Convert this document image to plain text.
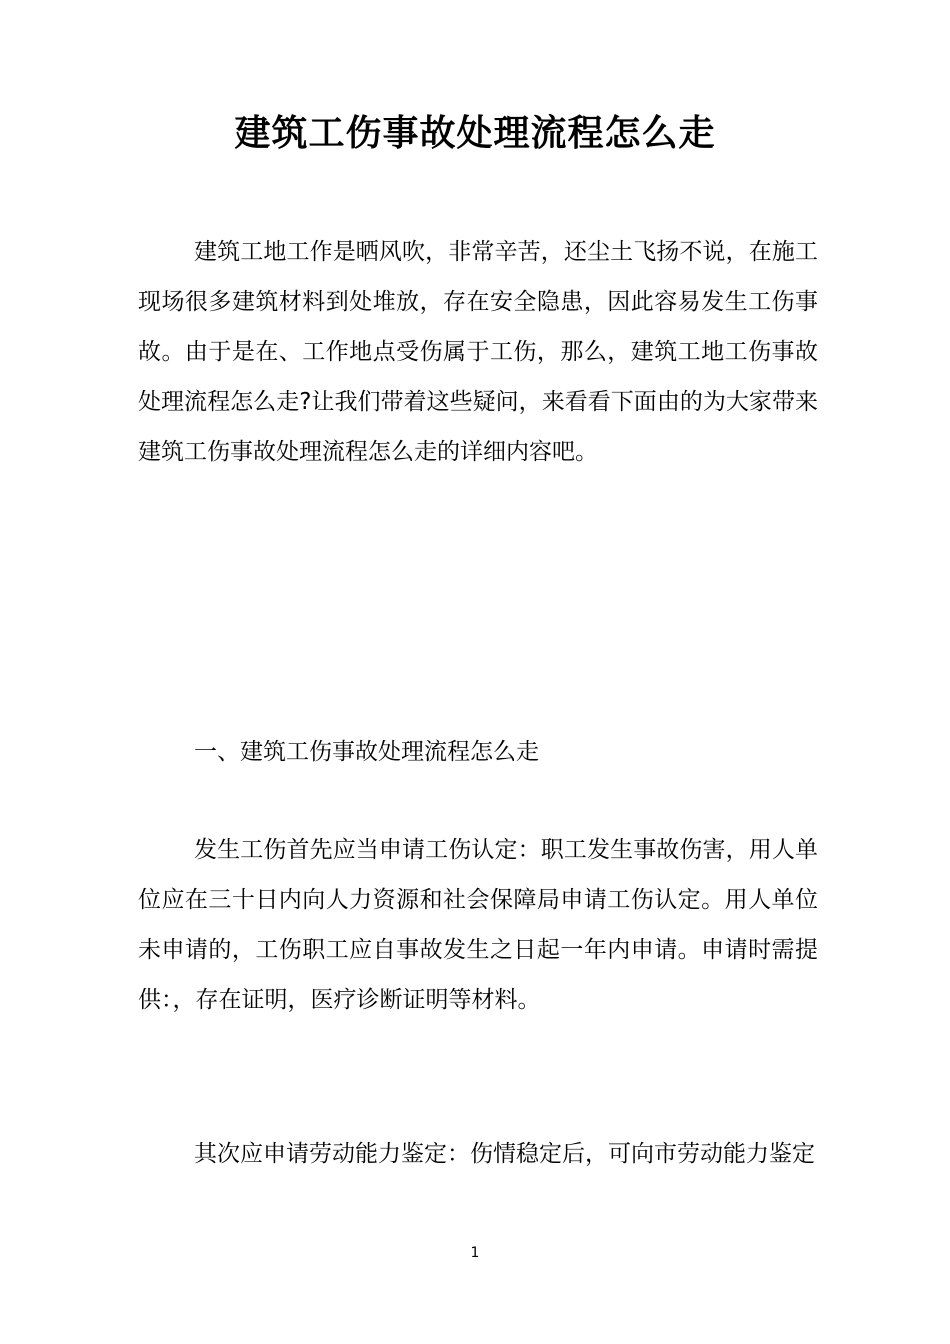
建筑工伤事故处理流程怎么走

建筑工地工作是晒风吹，非常辛苦，还尘土飞扬不说，在施工现场很多建筑材料到处堆放，存在安全隐患，因此容易发生工伤事故。由于是在、工作地点受伤属于工伤，那么，建筑工地工伤事故处理流程怎么走?让我们带着这些疑问，来看看下面由的为大家带来建筑工伤事故处理流程怎么走的详细内容吧。

一、建筑工伤事故处理流程怎么走

发生工伤首先应当申请工伤认定：职工发生事故伤害，用人单位应在三十日内向人力资源和社会保障局申请工伤认定。用人单位未申请的，工伤职工应自事故发生之日起一年内申请。申请时需提供：，存在证明，医疗诊断证明等材料。

其次应申请劳动能力鉴定：伤情稳定后，可向市劳动能力鉴定

1
